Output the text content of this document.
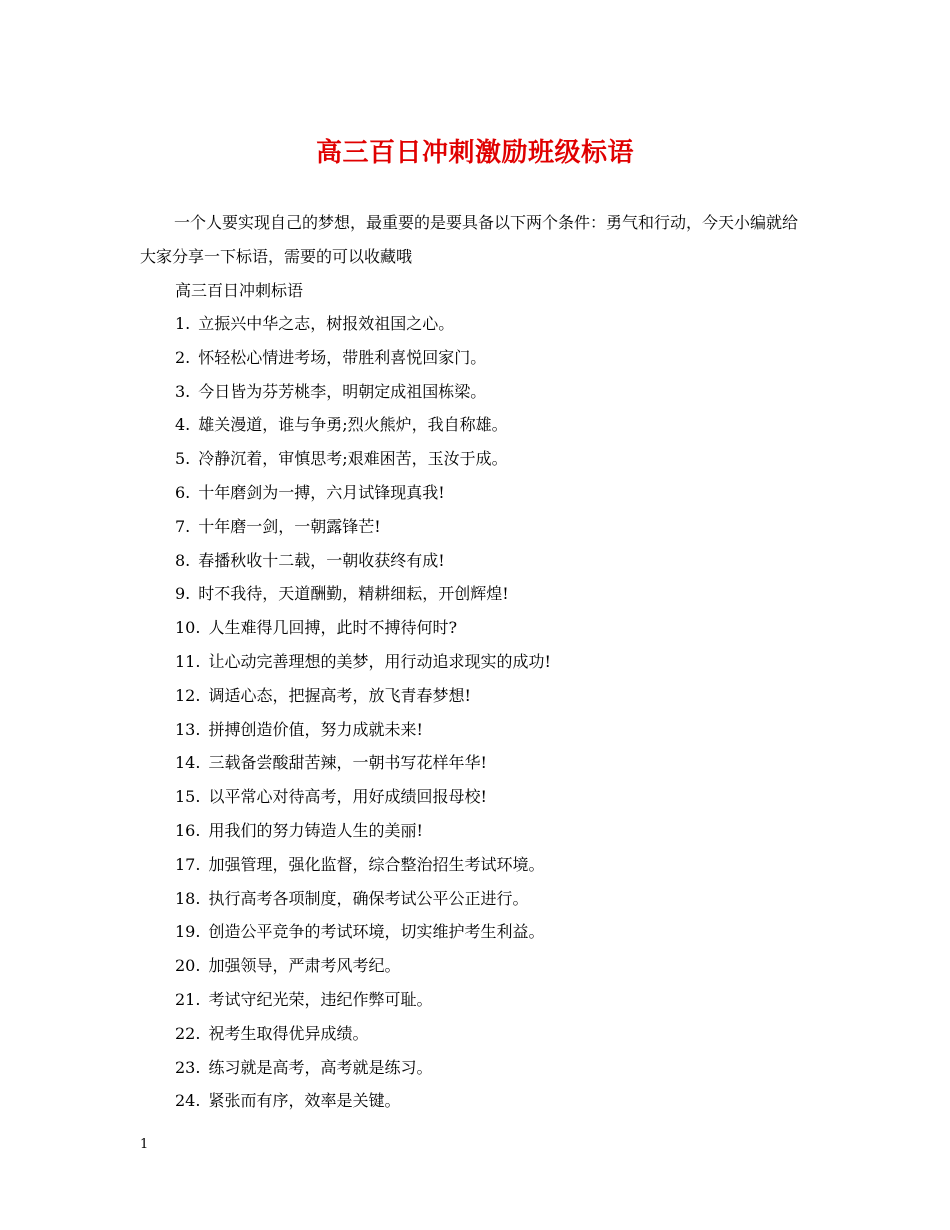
高三百日冲刺激励班级标语

一个人要实现自己的梦想，最重要的是要具备以下两个条件：勇气和行动，今天小编就给大家分享一下标语，需要的可以收藏哦

高三百日冲刺标语

1. 立振兴中华之志，树报效祖国之心。
2. 怀轻松心情进考场，带胜利喜悦回家门。
3. 今日皆为芬芳桃李，明朝定成祖国栋梁。
4. 雄关漫道，谁与争勇;烈火熊炉，我自称雄。
5. 冷静沉着，审慎思考;艰难困苦，玉汝于成。
6. 十年磨剑为一搏，六月试锋现真我!
7. 十年磨一剑，一朝露锋芒!
8. 春播秋收十二载，一朝收获终有成!
9. 时不我待，天道酬勤，精耕细耘，开创辉煌!
10. 人生难得几回搏，此时不搏待何时?
11. 让心动完善理想的美梦，用行动追求现实的成功!
12. 调适心态，把握高考，放飞青春梦想!
13. 拼搏创造价值，努力成就未来!
14. 三载备尝酸甜苦辣，一朝书写花样年华!
15. 以平常心对待高考，用好成绩回报母校!
16. 用我们的努力铸造人生的美丽!
17. 加强管理，强化监督，综合整治招生考试环境。
18. 执行高考各项制度，确保考试公平公正进行。
19. 创造公平竞争的考试环境，切实维护考生利益。
20. 加强领导，严肃考风考纪。
21. 考试守纪光荣，违纪作弊可耻。
22. 祝考生取得优异成绩。
23. 练习就是高考，高考就是练习。
24. 紧张而有序，效率是关键。

1
